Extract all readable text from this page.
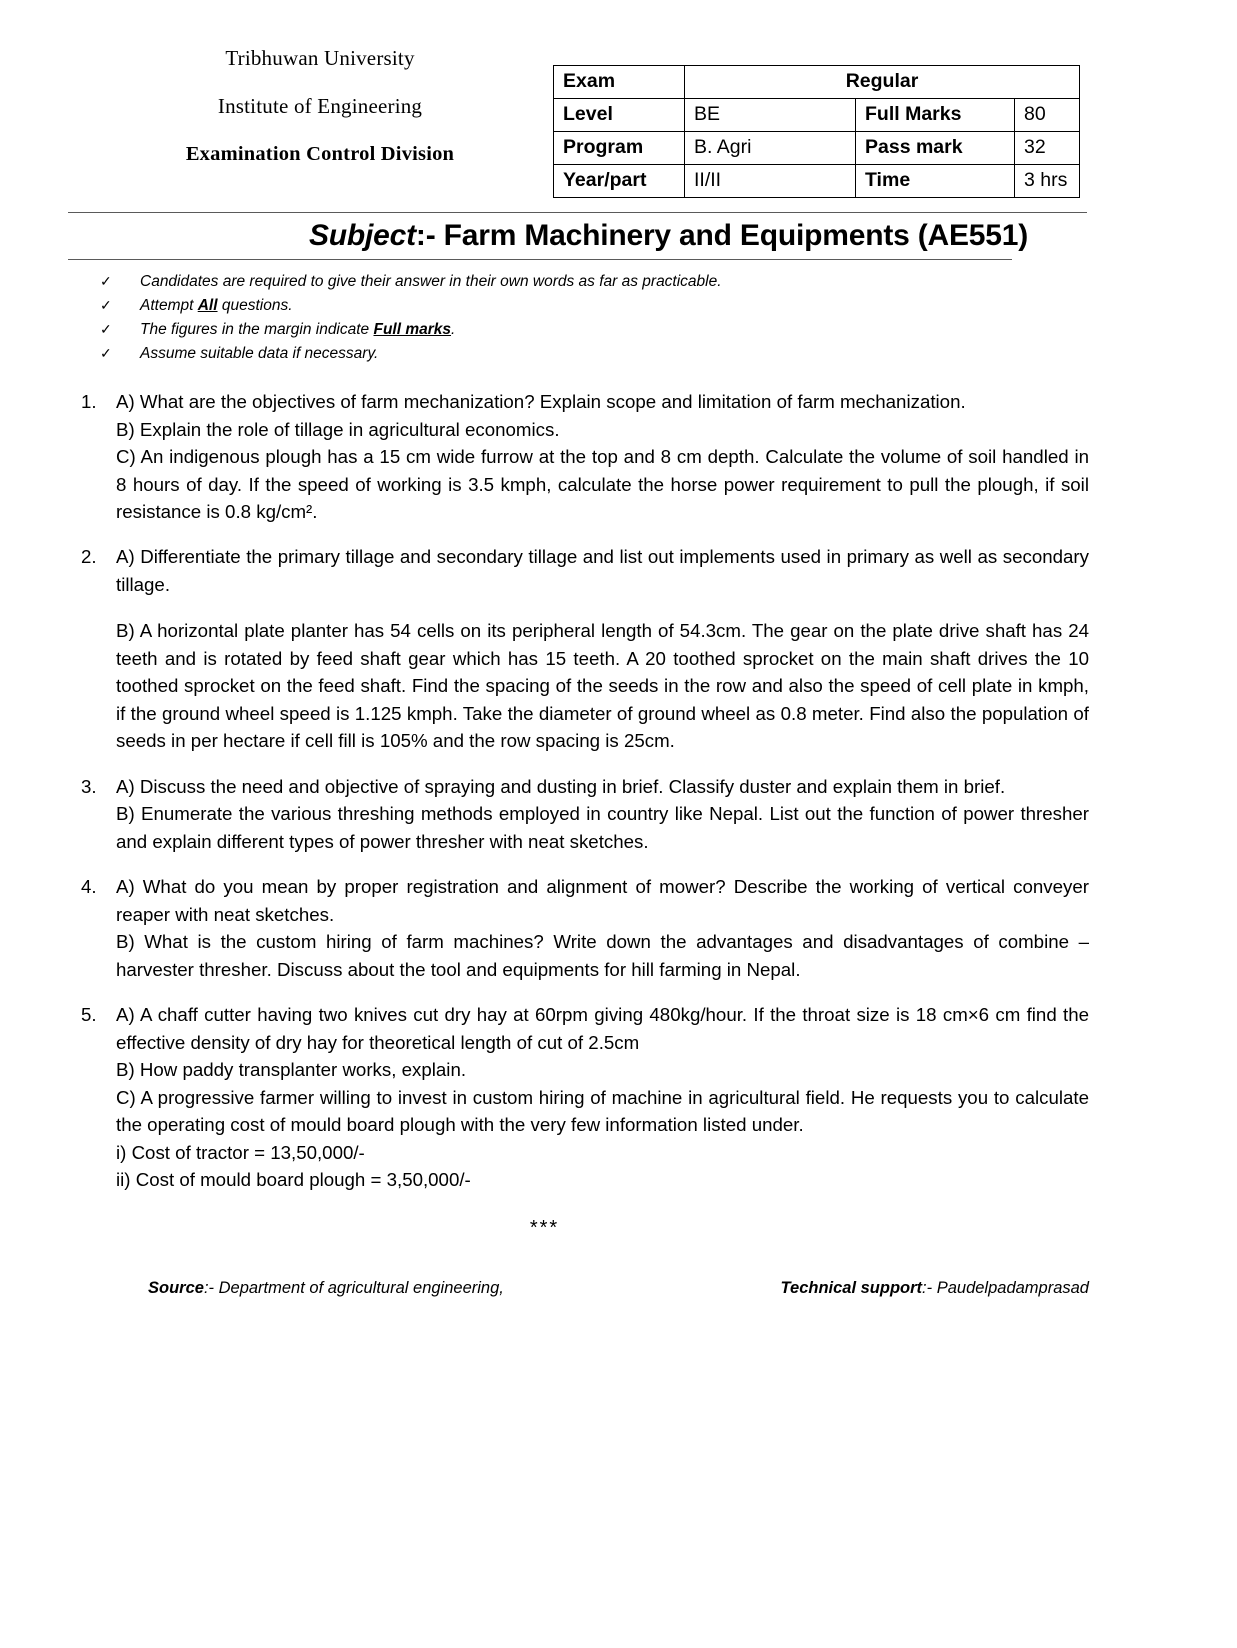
Tribhuwan University
Institute of Engineering
Examination Control Division
Exam	Regular		
Level	BE	Full Marks	80
Program	B. Agri	Pass mark	32
Year/part	II/II	Time	3 hrs
Subject:- Farm Machinery and Equipments (AE551)
✓	Candidates are required to give their answer in their own words as far as practicable.
✓	Attempt All questions.
✓	The figures in the margin indicate Full marks.
✓	Assume suitable data if necessary.
1.	A) What are the objectives of farm mechanization? Explain scope and limitation of farm mechanization.

B) Explain the role of tillage in agricultural economics.

C) An indigenous plough has a 15 cm wide furrow at the top and 8 cm depth. Calculate the volume of soil handled in 8 hours of day. If the speed of working is 3.5 kmph, calculate the horse power requirement to pull the plough, if soil resistance is 0.8 kg/cm².

2.	A) Differentiate the primary tillage and secondary tillage and list out implements used in primary as well as secondary tillage.

B) A horizontal plate planter has 54 cells on its peripheral length of 54.3cm. The gear on the plate drive shaft has 24 teeth and is rotated by feed shaft gear which has 15 teeth. A 20 toothed sprocket on the main shaft drives the 10 toothed sprocket on the feed shaft. Find the spacing of the seeds in the row and also the speed of cell plate in kmph, if the ground wheel speed is 1.125 kmph. Take the diameter of ground wheel as 0.8 meter. Find also the population of seeds in per hectare if cell fill is 105% and the row spacing is 25cm.

3.	A) Discuss the need and objective of spraying and dusting in brief. Classify duster and explain them in brief.

B) Enumerate the various threshing methods employed in country like Nepal. List out the function of power thresher and explain different types of power thresher with neat sketches.

4.	A) What do you mean by proper registration and alignment of mower? Describe the working of vertical conveyer reaper with neat sketches.

B) What is the custom hiring of farm machines? Write down the advantages and disadvantages of combine –harvester thresher. Discuss about the tool and equipments for hill farming in Nepal.

5.	A) A chaff cutter having two knives cut dry hay at 60rpm giving 480kg/hour. If the throat size is 18 cm×6 cm find the effective density of dry hay for theoretical length of cut of 2.5cm

B) How paddy transplanter works, explain.

C) A progressive farmer willing to invest in custom hiring of machine in agricultural field. He requests you to calculate the operating cost of mould board plough with the very few information listed under.

i) Cost of tractor = 13,50,000/-

ii) Cost of mould board plough = 3,50,000/-

***
Source:- Department of agricultural engineering,	Technical support:- Paudelpadamprasad
